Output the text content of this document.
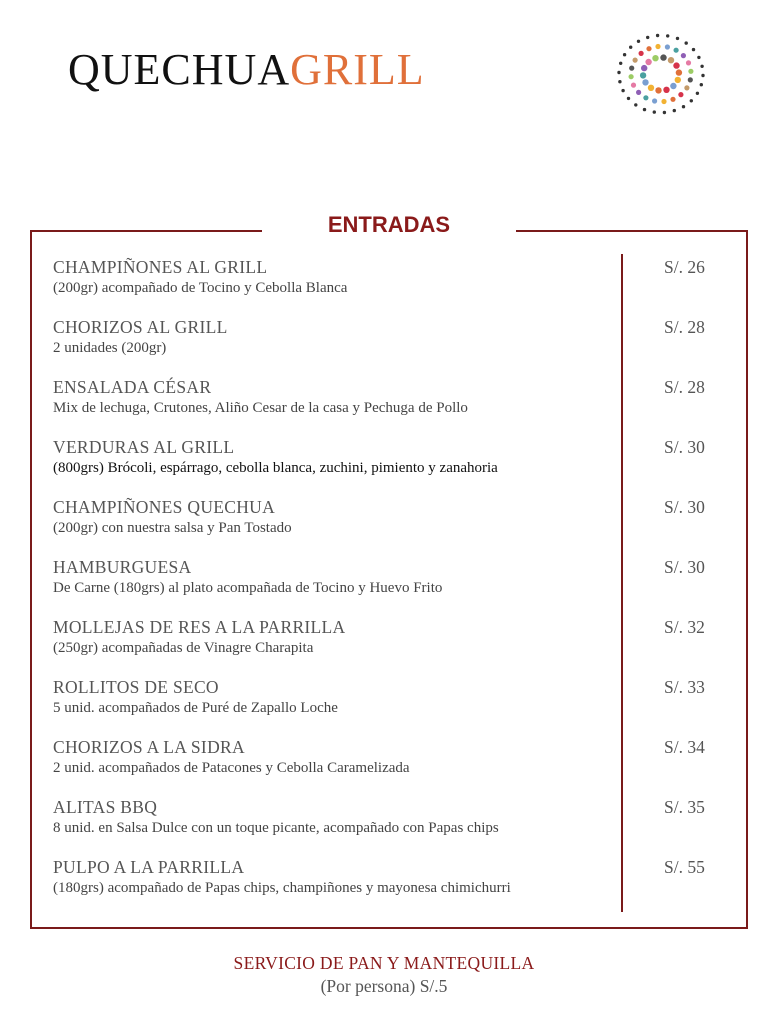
QUECHUAGRILL
ENTRADAS
CHAMPIÑONES AL GRILL
(200gr) acompañado de Tocino y Cebolla Blanca
S/. 26
CHORIZOS AL GRILL
2 unidades (200gr)
S/. 28
ENSALADA CÉSAR
Mix de lechuga, Crutones, Aliño Cesar de la casa y Pechuga de Pollo
S/. 28
VERDURAS AL GRILL
(800grs) Brócoli, espárrago, cebolla blanca, zuchini, pimiento y zanahoria
S/. 30
CHAMPIÑONES QUECHUA
(200gr) con nuestra salsa y Pan Tostado
S/. 30
HAMBURGUESA
De Carne (180grs) al plato acompañada de Tocino y Huevo Frito
S/. 30
MOLLEJAS DE RES A LA PARRILLA
(250gr) acompañadas de Vinagre Charapita
S/. 32
ROLLITOS DE SECO
5 unid. acompañados de Puré de Zapallo Loche
S/. 33
CHORIZOS A LA SIDRA
2 unid. acompañados de Patacones y Cebolla Caramelizada
S/. 34
ALITAS BBQ
8 unid. en Salsa Dulce con un toque picante, acompañado con Papas chips
S/. 35
PULPO A LA PARRILLA
(180grs) acompañado de Papas chips, champiñones y mayonesa chimichurri
S/. 55
SERVICIO DE PAN Y MANTEQUILLA
(Por persona) S/.5
